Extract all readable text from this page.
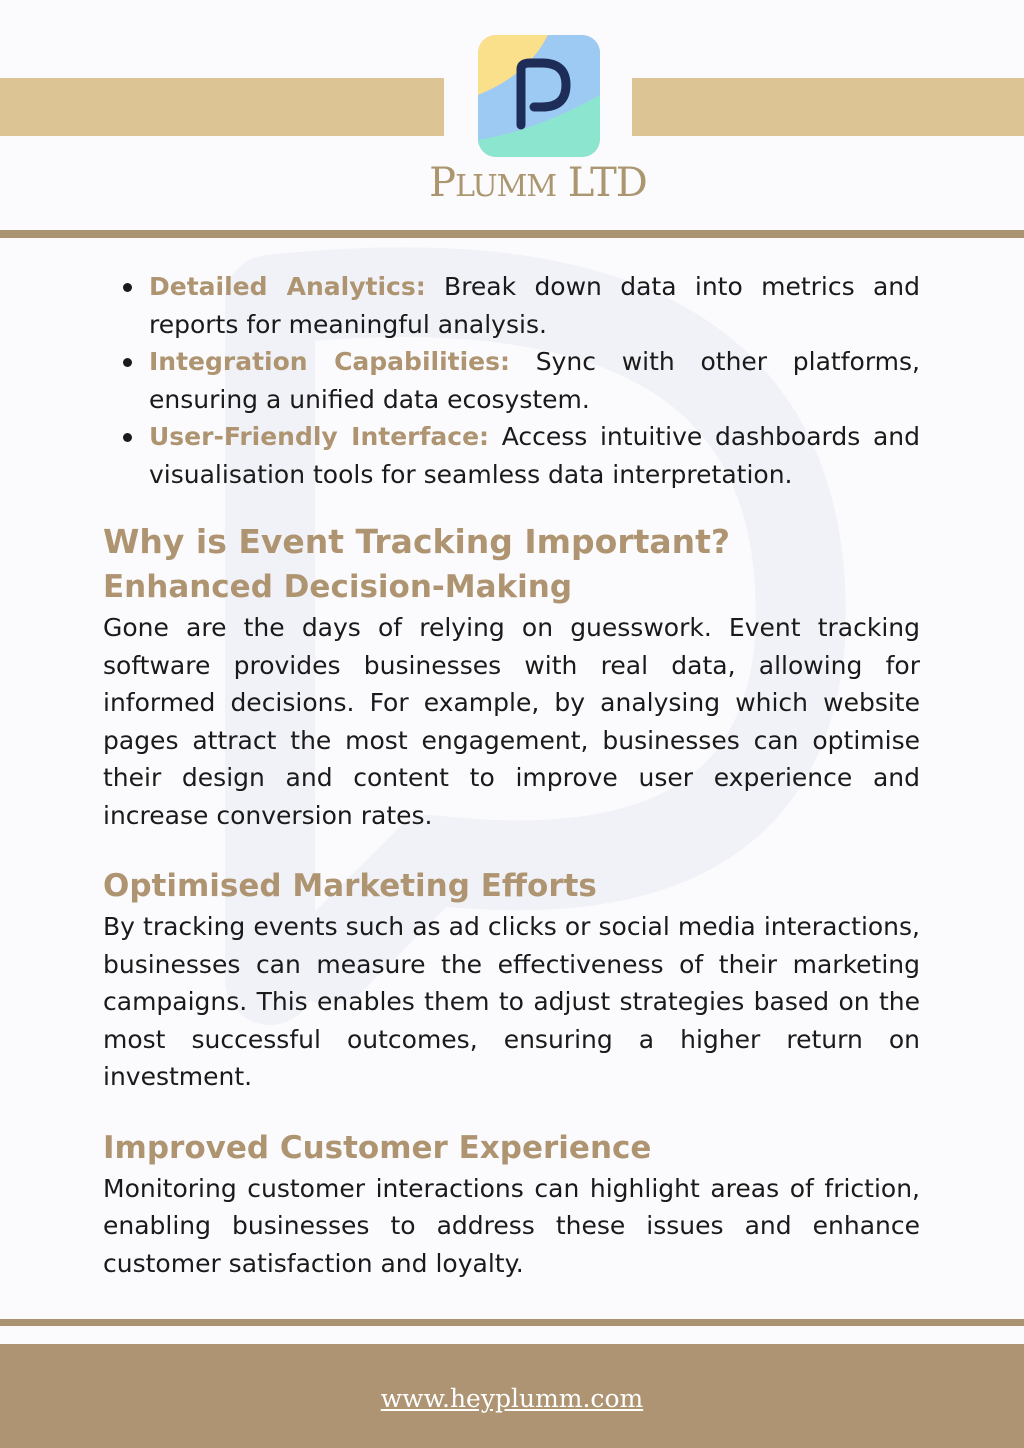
PLUMM LTD
Detailed Analytics: Break down data into metrics and reports for meaningful analysis.
Integration Capabilities: Sync with other platforms, ensuring a unified data ecosystem.
User-Friendly Interface: Access intuitive dashboards and visualisation tools for seamless data interpretation.
Why is Event Tracking Important?
Enhanced Decision-Making

Gone are the days of relying on guesswork. Event tracking software provides businesses with real data, allowing for informed decisions. For example, by analysing which website pages attract the most engagement, businesses can optimise their design and content to improve user experience and increase conversion rates.

Optimised Marketing Efforts

By tracking events such as ad clicks or social media interactions, businesses can measure the effectiveness of their marketing campaigns. This enables them to adjust strategies based on the most successful outcomes, ensuring a higher return on investment.

Improved Customer Experience

Monitoring customer interactions can highlight areas of friction, enabling businesses to address these issues and enhance customer satisfaction and loyalty.

www.heyplumm.com
